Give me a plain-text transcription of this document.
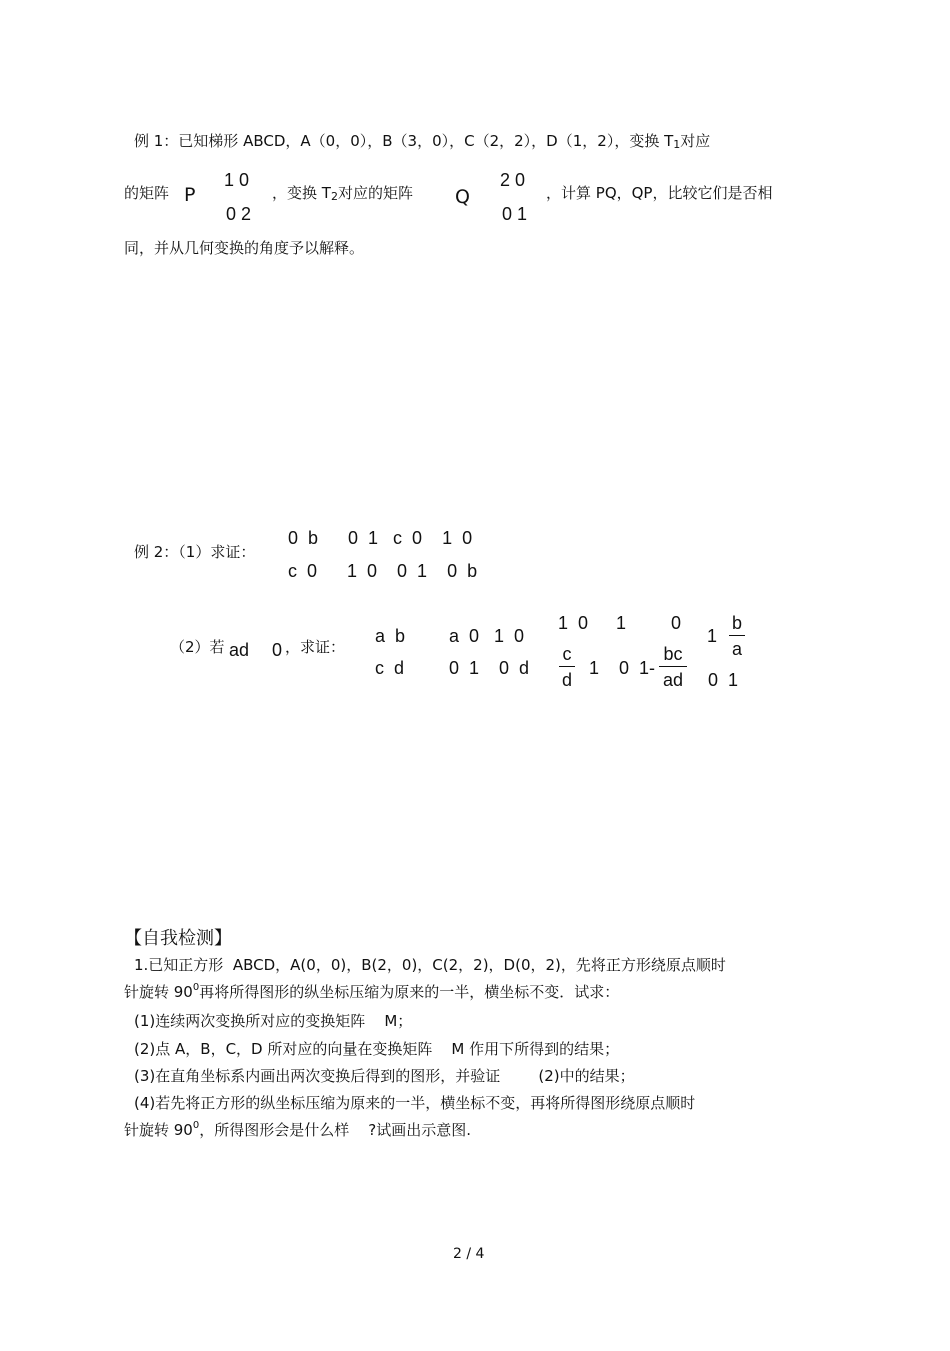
例 1：已知梯形 ABCD，A（0，0），B（3，0），C（2，2），D（1，2），变换 T1对应
的矩阵 P
1 0
0 2
，变换 T2对应的矩阵 Q
2 0
0 1
，计算 PQ，QP，比较它们是否相
同，并从几何变换的角度予以解释。
例 2：（1）求证：
0  b      0  1   c  0    1  0
c  0      1  0    0  1    0  b
（2）若 ad 0 ，求证：
a  b
c  d
a  0   1  0
0  1    0  d
1  0 1 0
c
d
1    0  1-
bc
ad
1
b
a
0  1
【自我检测】
1.已知正方形  ABCD，A(0，0)，B(2，0)，C(2，2)，D(0，2)，先将正方形绕原点顺时
针旋转 $90^0$再将所得图形的纵坐标压缩为原来的一半，横坐标不变．试求：
(1)连续两次变换所对应的变换矩阵    M；
(2)点 A，B，C，D 所对应的向量在变换矩阵    M 作用下所得到的结果；
(3)在直角坐标系内画出两次变换后得到的图形，并验证        (2)中的结果；
(4)若先将正方形的纵坐标压缩为原来的一半，横坐标不变，再将所得图形绕原点顺时
针旋转 $90^0$，所得图形会是什么样    ?试画出示意图.
2 / 4
